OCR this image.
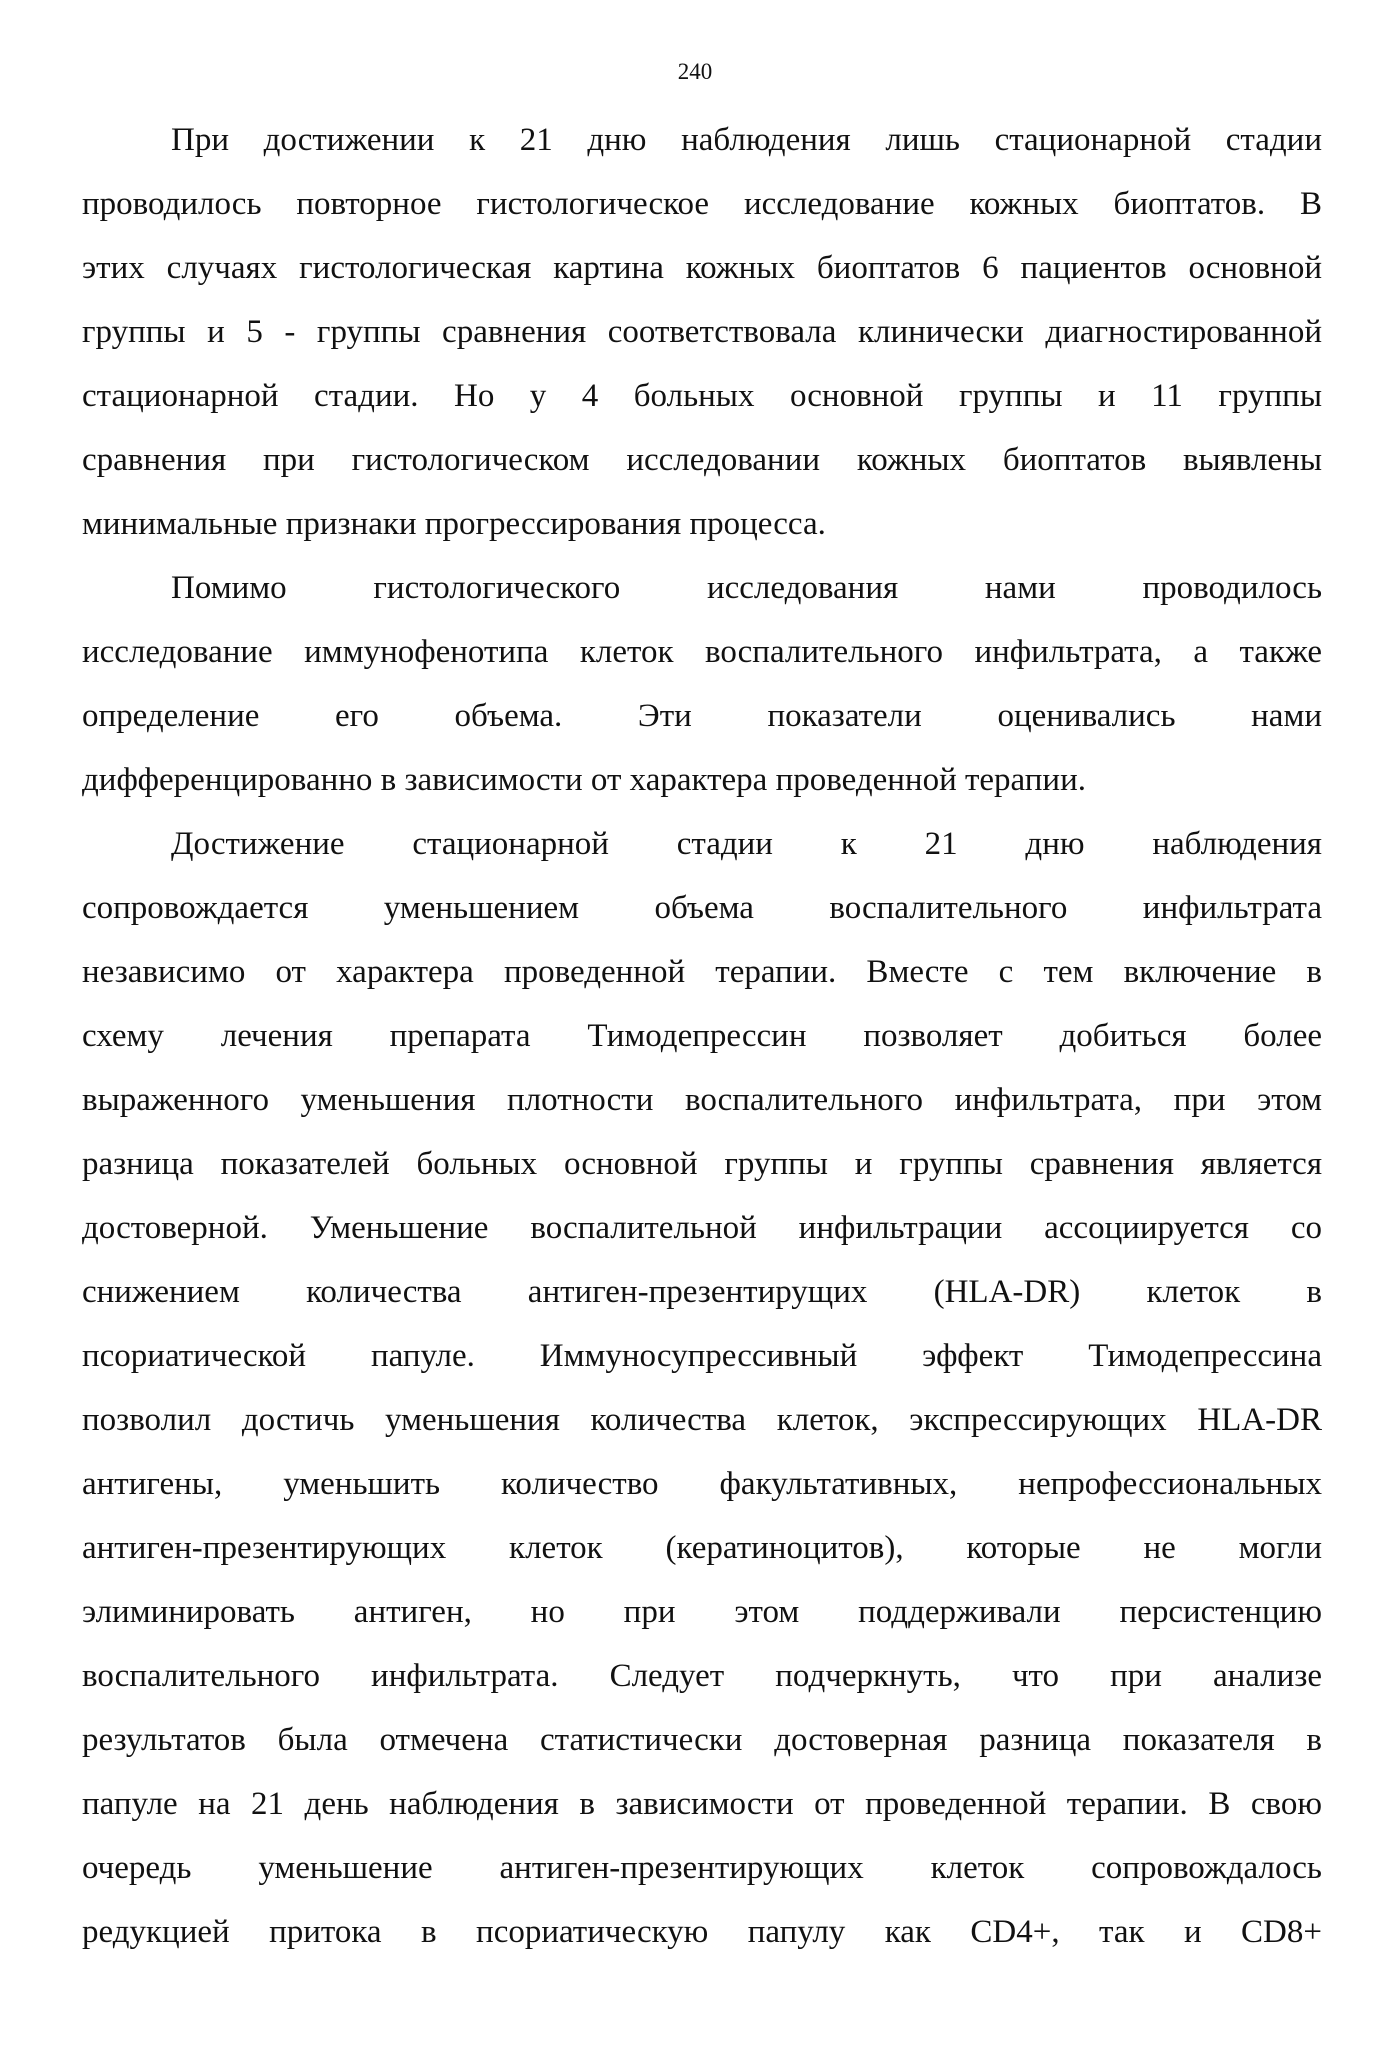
240
При достижении к 21 дню наблюдения лишь стационарной стадии
проводилось повторное гистологическое исследование кожных биоптатов. В
этих случаях гистологическая картина кожных биоптатов 6 пациентов основной
группы и 5 - группы сравнения соответствовала клинически диагностированной
стационарной стадии. Но у 4 больных основной группы и 11 группы
сравнения при гистологическом исследовании кожных биоптатов выявлены
минимальные признаки прогрессирования процесса.
Помимо гистологического исследования нами проводилось
исследование иммунофенотипа клеток воспалительного инфильтрата, а также
определение его объема. Эти показатели оценивались нами
дифференцированно в зависимости от характера проведенной терапии.
Достижение стационарной стадии к 21 дню наблюдения
сопровождается уменьшением объема воспалительного инфильтрата
независимо от характера проведенной терапии. Вместе с тем включение в
схему лечения препарата Тимодепрессин позволяет добиться более
выраженного уменьшения плотности воспалительного инфильтрата, при этом
разница показателей больных основной группы и группы сравнения является
достоверной. Уменьшение воспалительной инфильтрации ассоциируется со
снижением количества антиген-презентирущих (HLA-DR) клеток в
псориатической папуле. Иммуносупрессивный эффект Тимодепрессина
позволил достичь уменьшения количества клеток, экспрессирующих HLA-DR
антигены, уменьшить количество факультативных, непрофессиональных
антиген-презентирующих клеток (кератиноцитов), которые не могли
элиминировать антиген, но при этом поддерживали персистенцию
воспалительного инфильтрата. Следует подчеркнуть, что при анализе
результатов была отмечена статистически достоверная разница показателя в
папуле на 21 день наблюдения в зависимости от проведенной терапии. В свою
очередь уменьшение антиген-презентирующих клеток сопровождалось
редукцией притока в псориатическую папулу как CD4+, так и CD8+
